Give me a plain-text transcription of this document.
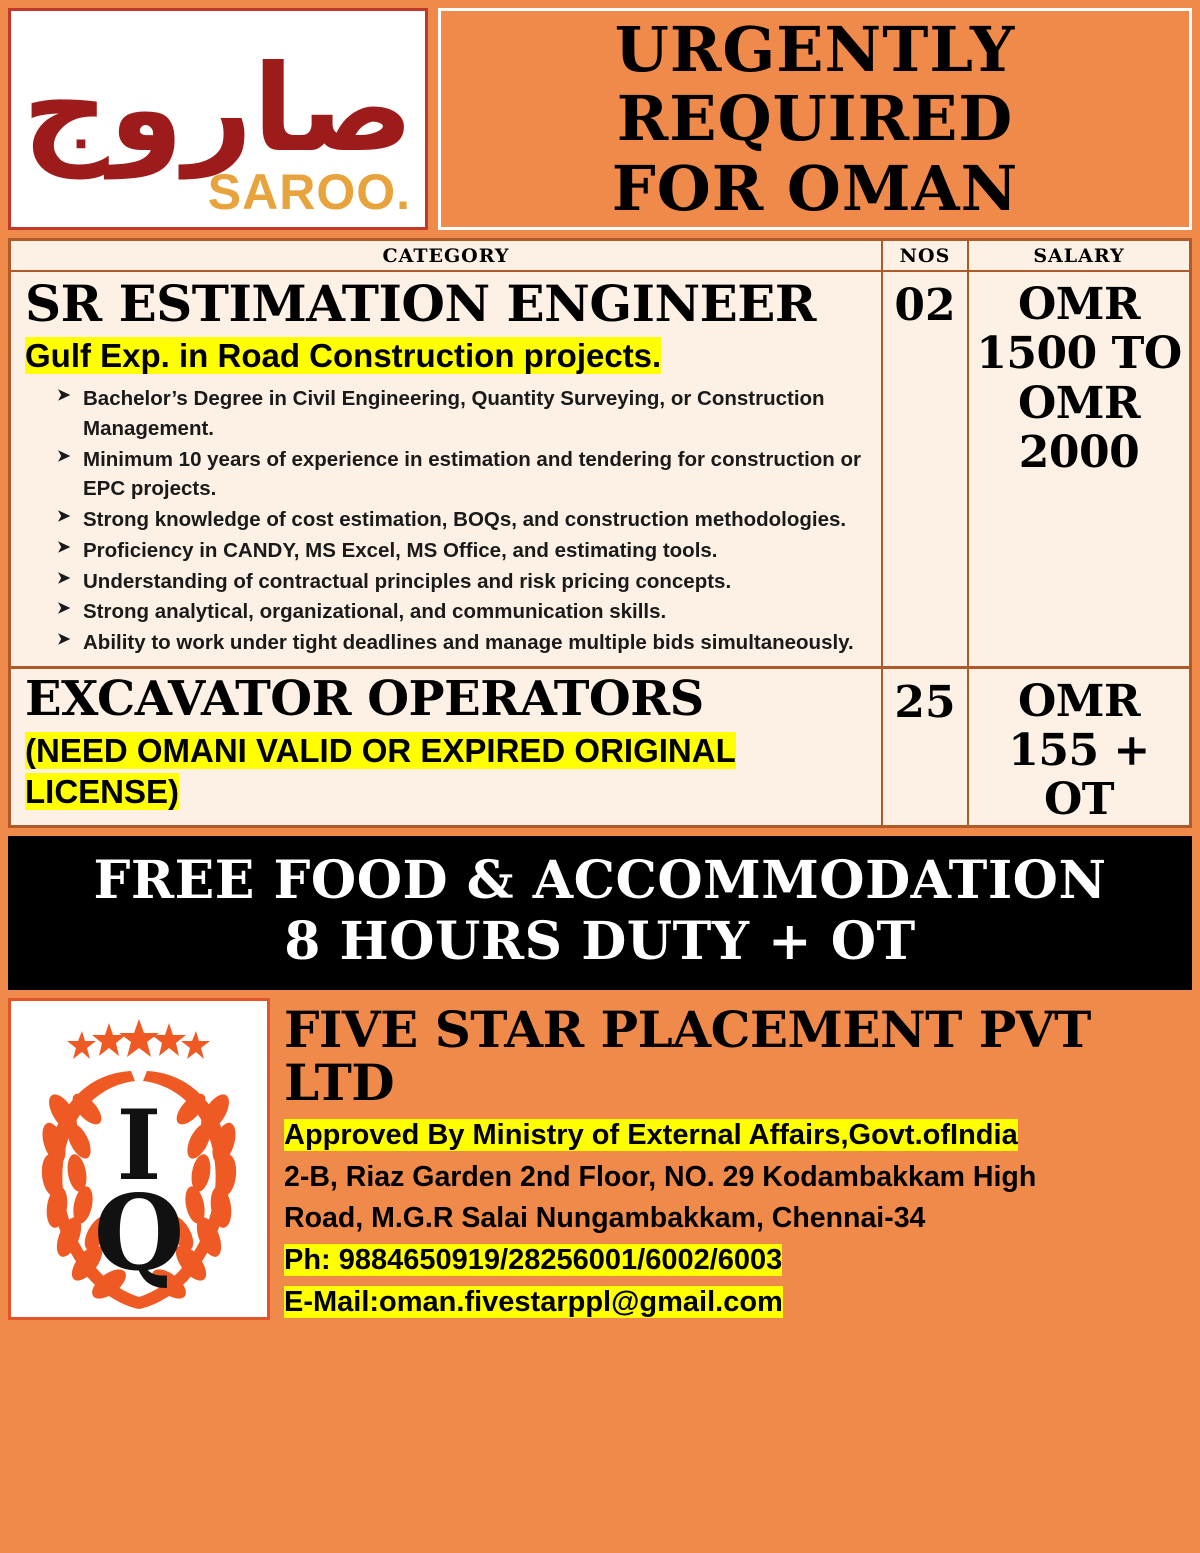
صاروج
SAROO.
URGENTLY REQUIRED
FOR OMAN
CATEGORY	NOS	SALARY
SR ESTIMATION ENGINEER
Gulf Exp. in Road Construction projects.
➤ Bachelor’s Degree in Civil Engineering, Quantity Surveying, or Construction Management.
➤ Minimum 10 years of experience in estimation and tendering for construction or EPC projects.
➤ Strong knowledge of cost estimation, BOQs, and construction methodologies.
➤ Proficiency in CANDY, MS Excel, MS Office, and estimating tools.
➤ Understanding of contractual principles and risk pricing concepts.
➤ Strong analytical, organizational, and communication skills.
➤ Ability to work under tight deadlines and manage multiple bids simultaneously.
02	OMR 1500 TO OMR 2000
EXCAVATOR OPERATORS
(NEED OMANI VALID OR EXPIRED ORIGINAL LICENSE)
25	OMR 155 + OT
FREE FOOD & ACCOMMODATION
8 HOURS DUTY + OT
I
Q
FIVE STAR PLACEMENT PVT LTD
Approved By Ministry of External Affairs,Govt.ofIndia
2-B, Riaz Garden 2nd Floor, NO. 29 Kodambakkam High
Road, M.G.R Salai Nungambakkam, Chennai-34
Ph: 9884650919/28256001/6002/6003
E-Mail:oman.fivestarppl@gmail.com
